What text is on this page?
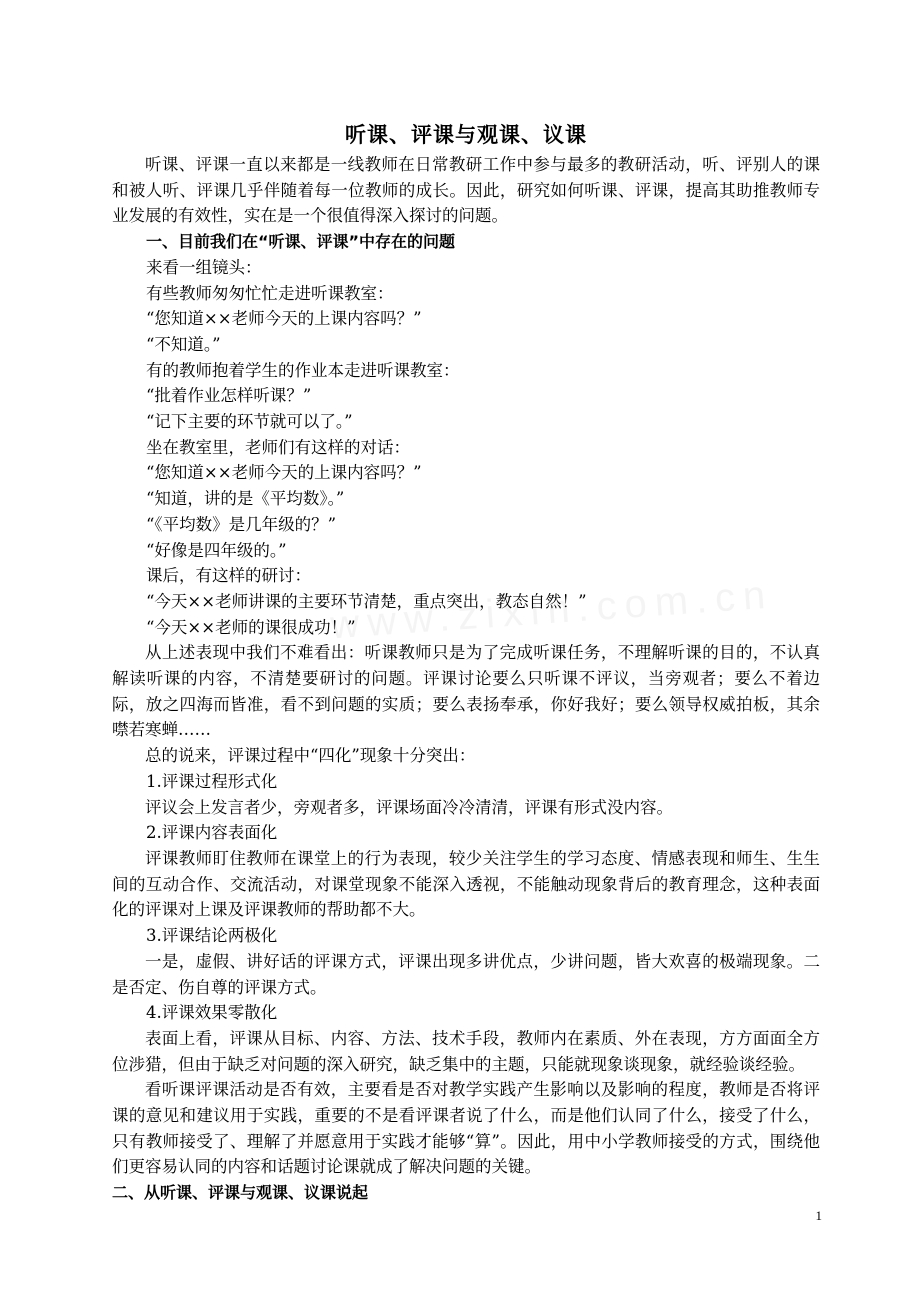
听课、评课与观课、议课

听课、评课一直以来都是一线教师在日常教研工作中参与最多的教研活动，听、评别人的课和被人听、评课几乎伴随着每一位教师的成长。因此，研究如何听课、评课，提高其助推教师专业发展的有效性，实在是一个很值得深入探讨的问题。

一、目前我们在“听课、评课”中存在的问题

来看一组镜头：

有些教师匆匆忙忙走进听课教室：

“您知道××老师今天的上课内容吗？”

“不知道。”

有的教师抱着学生的作业本走进听课教室：

“批着作业怎样听课？”

“记下主要的环节就可以了。”

坐在教室里，老师们有这样的对话：

“您知道××老师今天的上课内容吗？”

“知道，讲的是《平均数》。”

“《平均数》是几年级的？”

“好像是四年级的。”

课后，有这样的研讨：

“今天××老师讲课的主要环节清楚，重点突出，教态自然！”

“今天××老师的课很成功！”

从上述表现中我们不难看出：听课教师只是为了完成听课任务，不理解听课的目的，不认真解读听课的内容，不清楚要研讨的问题。评课讨论要么只听课不评议，当旁观者；要么不着边际，放之四海而皆准，看不到问题的实质；要么表扬奉承，你好我好；要么领导权威拍板，其余噤若寒蝉……

总的说来，评课过程中“四化”现象十分突出：

1.评课过程形式化

评议会上发言者少，旁观者多，评课场面冷冷清清，评课有形式没内容。

2.评课内容表面化

评课教师盯住教师在课堂上的行为表现，较少关注学生的学习态度、情感表现和师生、生生间的互动合作、交流活动，对课堂现象不能深入透视，不能触动现象背后的教育理念，这种表面化的评课对上课及评课教师的帮助都不大。

3.评课结论两极化

一是，虚假、讲好话的评课方式，评课出现多讲优点，少讲问题，皆大欢喜的极端现象。二是否定、伤自尊的评课方式。

4.评课效果零散化

表面上看，评课从目标、内容、方法、技术手段，教师内在素质、外在表现，方方面面全方位涉猎，但由于缺乏对问题的深入研究，缺乏集中的主题，只能就现象谈现象，就经验谈经验。

看听课评课活动是否有效，主要看是否对教学实践产生影响以及影响的程度，教师是否将评课的意见和建议用于实践，重要的不是看评课者说了什么，而是他们认同了什么，接受了什么，只有教师接受了、理解了并愿意用于实践才能够“算”。因此，用中小学教师接受的方式，围绕他们更容易认同的内容和话题讨论课就成了解决问题的关键。

二、从听课、评课与观课、议课说起

1
